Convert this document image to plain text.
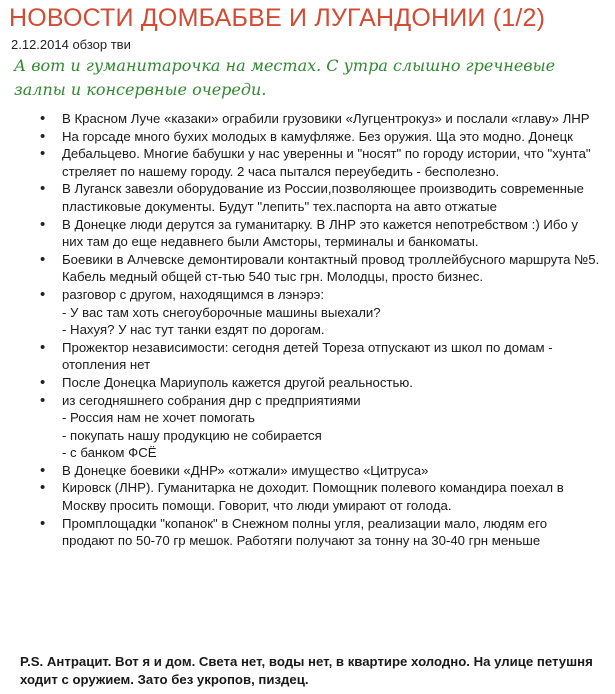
НОВОСТИ ДОМБАБВЕ И ЛУГАНДОНИИ (1/2)
2.12.2014 обзор тви
А вот и гуманитарочка на местах. С утра слышно гречневые залпы и консервные очереди.
• В Красном Луче «казаки» ограбили грузовики «Лугцентрокуз» и послали «главу» ЛНР
• На горсаде много бухих молодых в камуфляже. Без оружия. Ща это модно. Донецк
• Дебальцево. Многие бабушки у нас уверенны и "носят" по городу истории, что "хунта" стреляет по нашему городу. 2 часа пытался переубедить - бесполезно.
• В Луганск завезли оборудование из России,позволяющее производить современные пластиковые документы. Будут "лепить" тех.паспорта на авто отжатые
• В Донецке люди дерутся за гуманитарку. В ЛНР это кажется непотребством :) Ибо у них там до еще недавнего были Амсторы, терминалы и банкоматы.
• Боевики в Алчевске демонтировали контактный провод троллейбусного маршрута №5. Кабель медный общей ст-тью 540 тыс грн. Молодцы, просто бизнес.
• разговор с другом, находящимся в лэнэрэ:
- У вас там хоть снегоуборочные машины выехали?
- Нахуя? У нас тут танки ездят по дорогам.
• Прожектор независимости: сегодня детей Тореза отпускают из школ по домам - отопления нет
• После Донецка Мариуполь кажется другой реальностью.
• из сегодняшнего собрания днр с предприятиями
- Россия нам не хочет помогать
- покупать нашу продукцию не собирается
- с банком ФСЁ
• В Донецке боевики «ДНР» «отжали» имущество «Цитруса»
• Кировск (ЛНР). Гуманитарка не доходит. Помощник полевого командира поехал в Москву просить помощи. Говорит, что люди умирают от голода.
• Промплощадки "копанок" в Снежном полны угля, реализации мало, людям его продают по 50-70 гр мешок. Работяги получают за тонну на 30-40 грн меньше
P.S. Антрацит. Вот я и дом. Света нет, воды нет, в квартире холодно. На улице петушня ходит с оружием. Зато без укропов, пиздец.
